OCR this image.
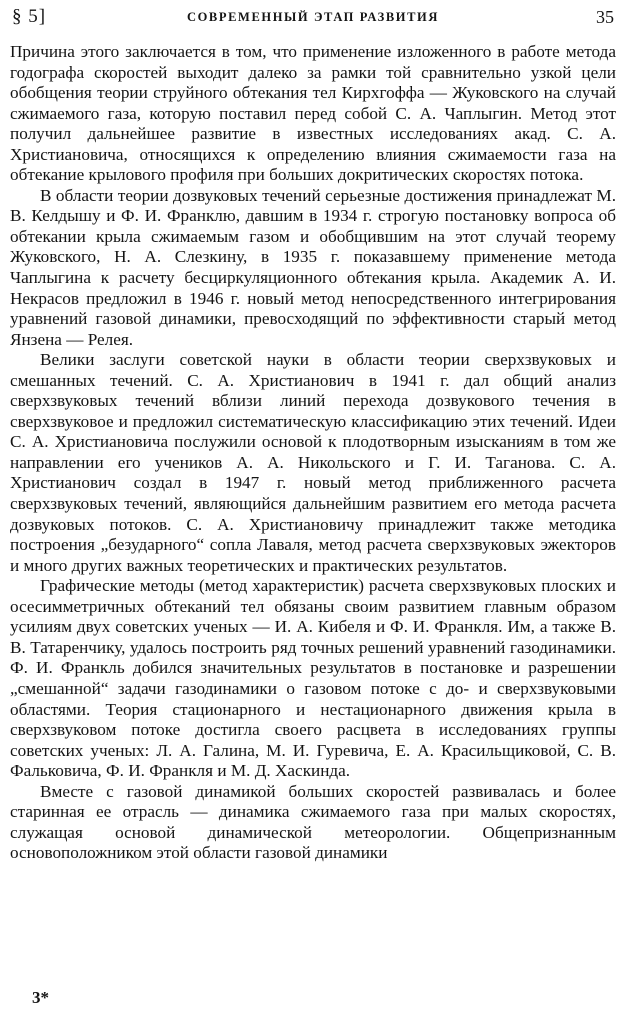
§ 5]	СОВРЕМЕННЫЙ ЭТАП РАЗВИТИЯ	35

Причина этого заключается в том, что применение изложенного в работе метода годографа скоростей выходит далеко за рамки той сравнительно узкой цели обобщения теории струйного обтекания тел Кирхгоффа — Жуковского на случай сжимаемого газа, которую поставил перед собой С. А. Чаплыгин. Метод этот получил дальнейшее развитие в известных исследованиях акад. С. А. Христиановича, относящихся к определению влияния сжимаемости газа на обтекание крылового профиля при больших докритических скоростях потока.

В области теории дозвуковых течений серьезные достижения принадлежат М. В. Келдышу и Ф. И. Франклю, давшим в 1934 г. строгую постановку вопроса об обтекании крыла сжимаемым газом и обобщившим на этот случай теорему Жуковского, Н. А. Слезкину, в 1935 г. показавшему применение метода Чаплыгина к расчету бесциркуляционного обтекания крыла. Академик А. И. Некрасов предложил в 1946 г. новый метод непосредственного интегрирования уравнений газовой динамики, превосходящий по эффективности старый метод Янзена — Релея.

Велики заслуги советской науки в области теории сверхзвуковых и смешанных течений. С. А. Христианович в 1941 г. дал общий анализ сверхзвуковых течений вблизи линий перехода дозвукового течения в сверхзвуковое и предложил систематическую классификацию этих течений. Идеи С. А. Христиановича послужили основой к плодотворным изысканиям в том же направлении его учеников А. А. Никольского и Г. И. Таганова. С. А. Христианович создал в 1947 г. новый метод приближенного расчета сверхзвуковых течений, являющийся дальнейшим развитием его метода расчета дозвуковых потоков. С. А. Христиановичу принадлежит также методика построения „безударного“ сопла Лаваля, метод расчета сверхзвуковых эжекторов и много других важных теоретических и практических результатов.

Графические методы (метод характеристик) расчета сверхзвуковых плоских и осесимметричных обтеканий тел обязаны своим развитием главным образом усилиям двух советских ученых — И. А. Кибеля и Ф. И. Франкля. Им, а также В. В. Татаренчику, удалось построить ряд точных решений уравнений газодинамики. Ф. И. Франкль добился значительных результатов в постановке и разрешении „смешанной“ задачи газодинамики о газовом потоке с до- и сверхзвуковыми областями. Теория стационарного и нестационарного движения крыла в сверхзвуковом потоке достигла своего расцвета в исследованиях группы советских ученых: Л. А. Галина, М. И. Гуревича, Е. А. Красильщиковой, С. В. Фальковича, Ф. И. Франкля и М. Д. Хаскинда.

Вместе с газовой динамикой больших скоростей развивалась и более старинная ее отрасль — динамика сжимаемого газа при малых скоростях, служащая основой динамической метеорологии. Общепризнанным основоположником этой области газовой динамики

3*
